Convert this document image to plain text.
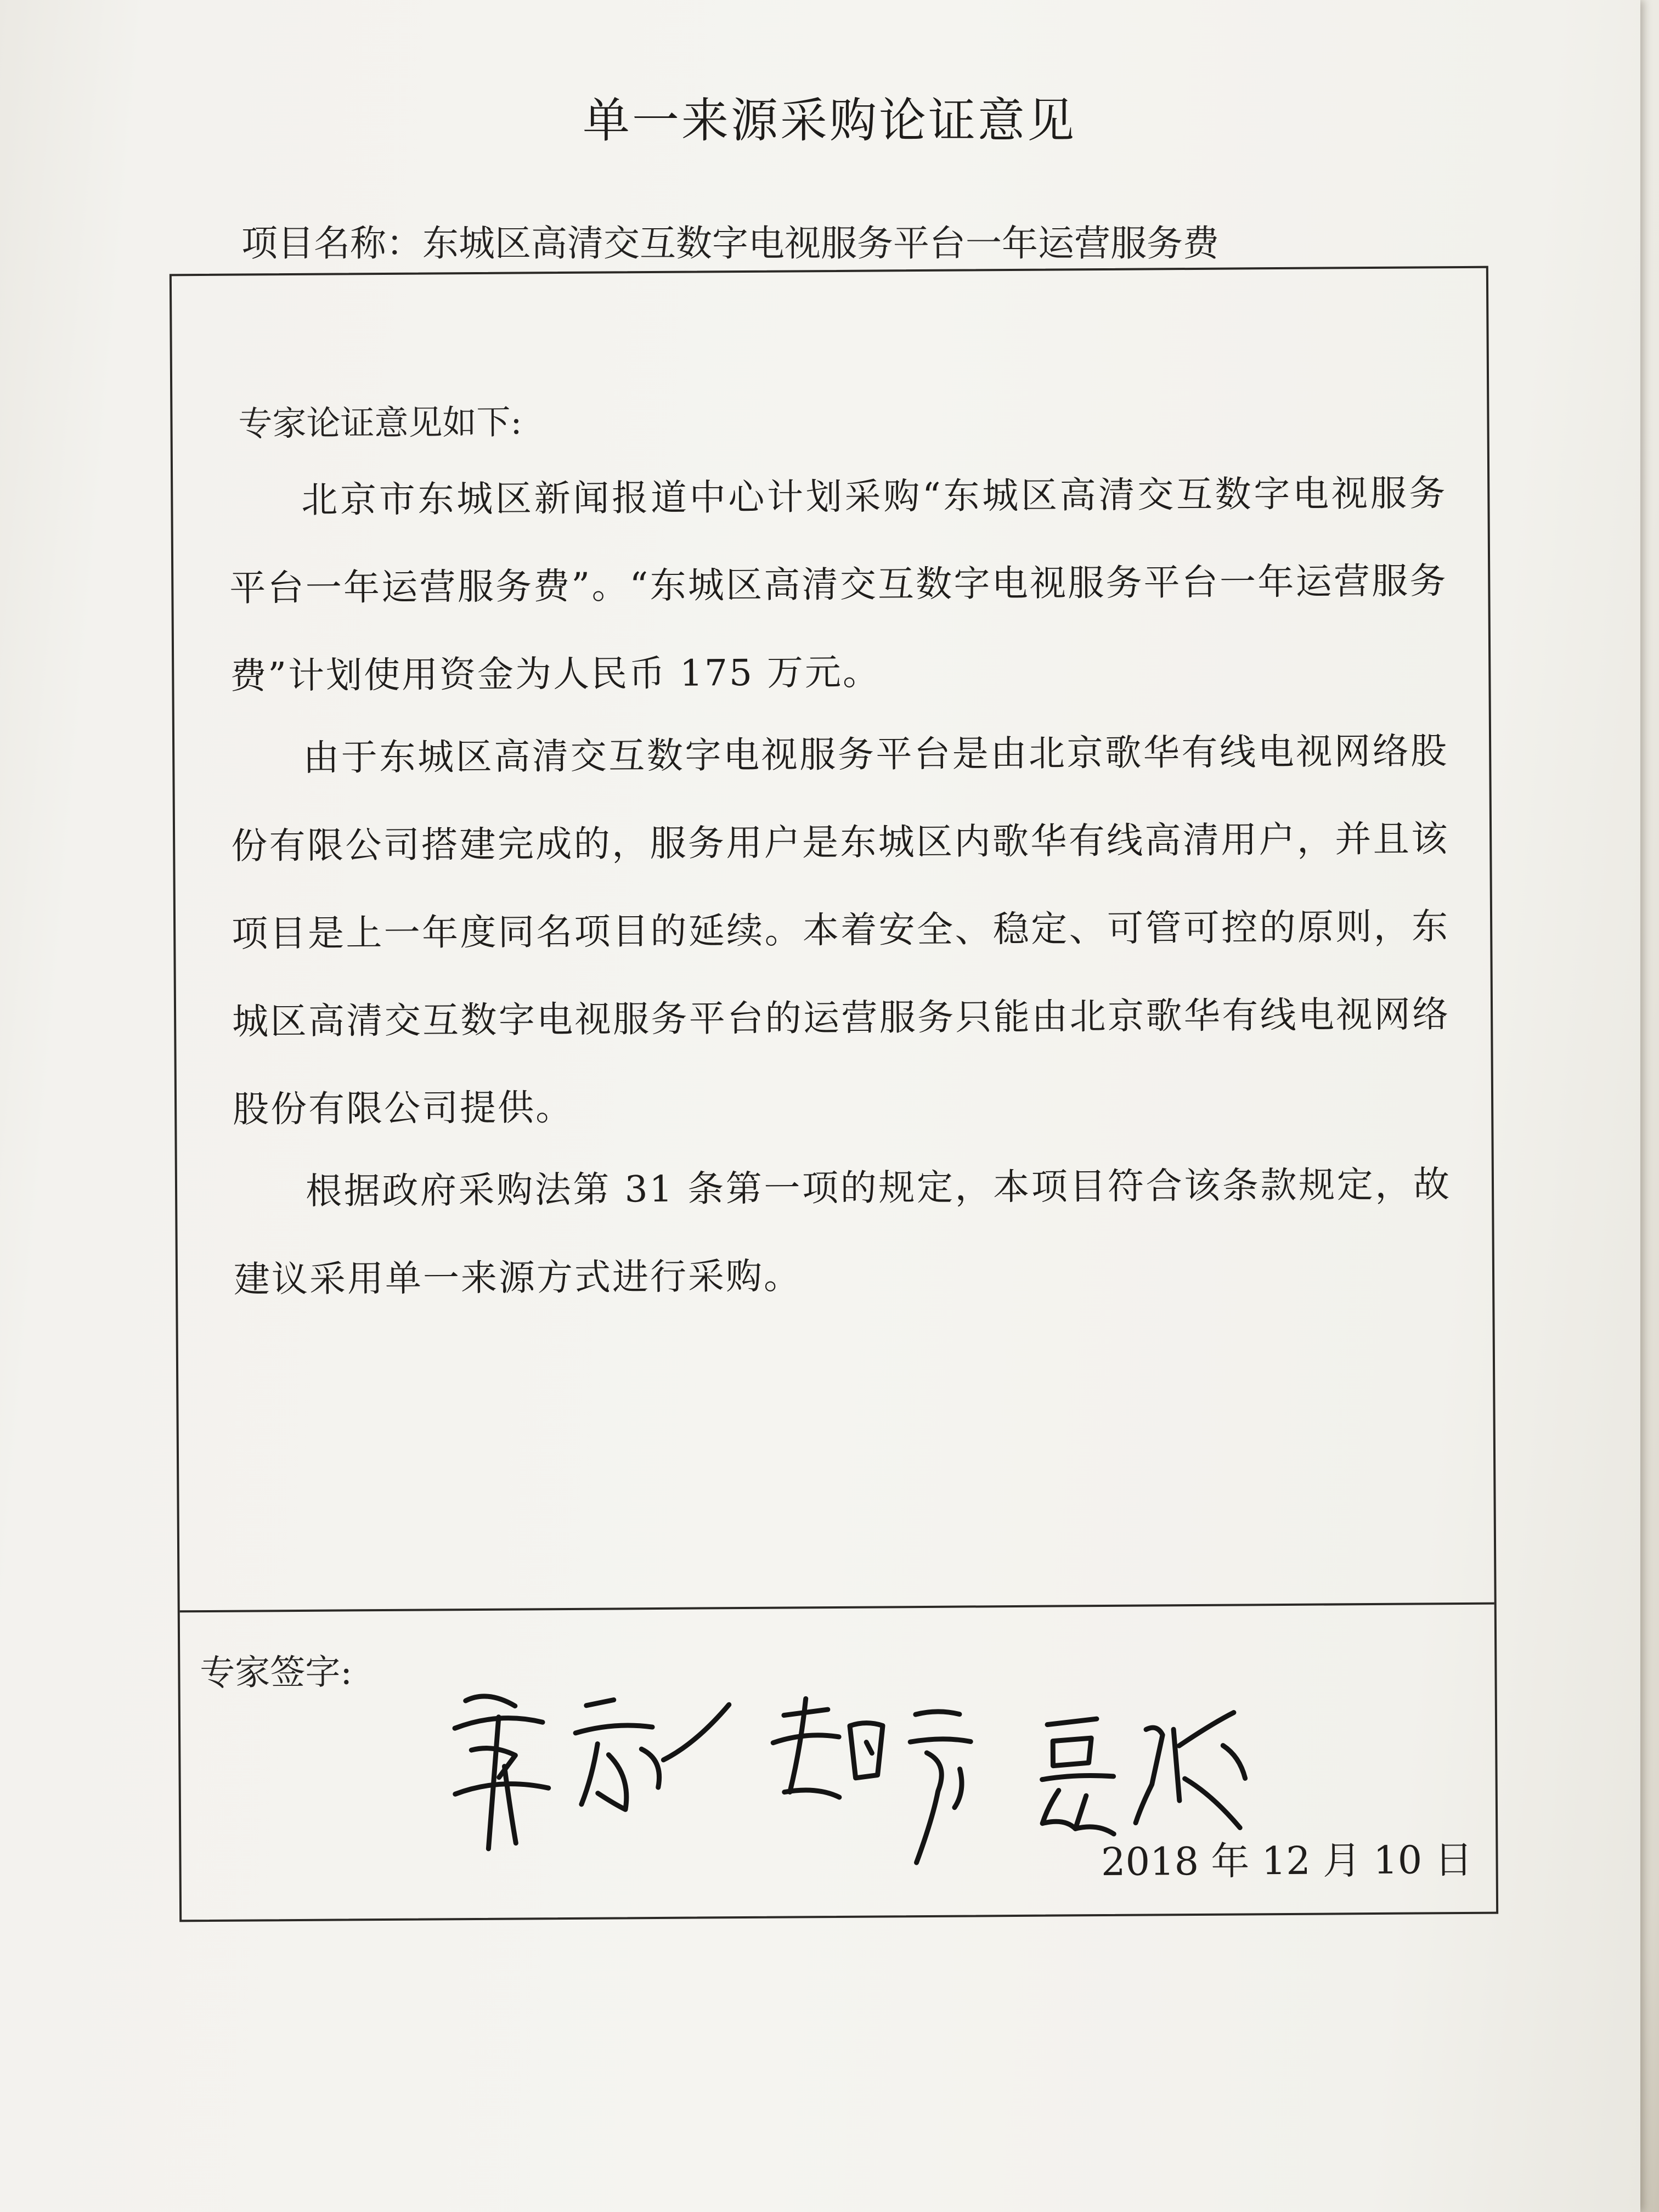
单一来源采购论证意见
项目名称：东城区高清交互数字电视服务平台一年运营服务费
专家论证意见如下:
北京市东城区新闻报道中心计划采购“东城区高清交互数字电视服务平台一年运营服务费”。“东城区高清交互数字电视服务平台一年运营服务费”计划使用资金为人民币 175 万元。
由于东城区高清交互数字电视服务平台是由北京歌华有线电视网络股份有限公司搭建完成的，服务用户是东城区内歌华有线高清用户，并且该项目是上一年度同名项目的延续。本着安全、稳定、可管可控的原则，东城区高清交互数字电视服务平台的运营服务只能由北京歌华有线电视网络股份有限公司提供。
根据政府采购法第 31 条第一项的规定，本项目符合该条款规定，故建议采用单一来源方式进行采购。
专家签字:
2018 年 12 月 10 日
